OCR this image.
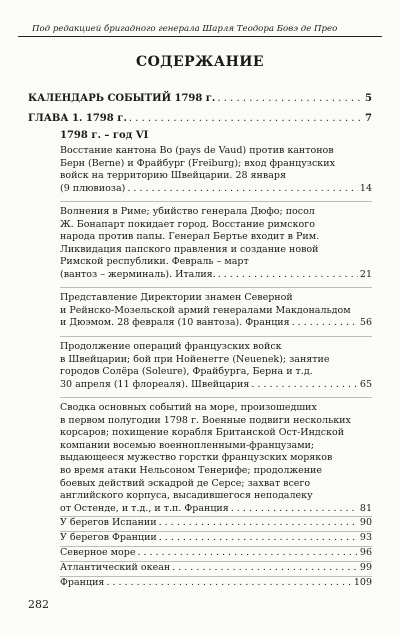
Под редакцией бригадного генерала Шарля Теодора Бовэ де Прео
СОДЕРЖАНИЕ
КАЛЕНДАРЬ СОБЫТИЙ 1798 г. . . .	5
ГЛАВА 1. 1798 г. . . .	7
1798 г. – год VI
Восстание кантона Во (pays de Vaud) против кантонов
Берн (Berne) и Фрайбург (Freiburg); вход французских
войск на территорию Швейцарии. 28 января
(9 плювиоза) . . .	14
Волнения в Риме; убийство генерала Дюфо; посол
Ж. Бонапарт покидает город. Восстание римского
народа против папы. Генерал Бертье входит в Рим.
Ликвидация папского правления и создание новой
Римской республики. Февраль – март
(вантоз – жерминаль). Италия. . . .	21
Представление Директории знамен Северной
и Рейнско-Мозельской армий генералами Макдональдом
и Дюэмом. 28 февраля (10 вантоза). Франция . . .	56
Продолжение операций французских войск
в Швейцарии; бой при Нойенегге (Neuenek); занятие
городов Солёра (Soleure), Фрайбурга, Берна и т.д.
30 апреля (11 флореаля). Швейцария . . .	65
Сводка основных событий на море, произошедших
в первом полугодии 1798 г. Военные подвиги нескольких
корсаров; похищение корабля Британской Ост-Индской
компании восемью военнопленными-французами;
выдающееся мужество горстки французских моряков
во время атаки Нельсоном Тенерифе; продолжение
боевых действий эскадрой де Серсе; захват всего
английского корпуса, высадившегося неподалеку
от Остенде, и т.д., и т.п. Франция . . .	81
У берегов Испании . . .	90
У берегов Франции . . .	93
Северное море . . .	96
Атлантический океан . . .	99
Франция . . .	109
282
